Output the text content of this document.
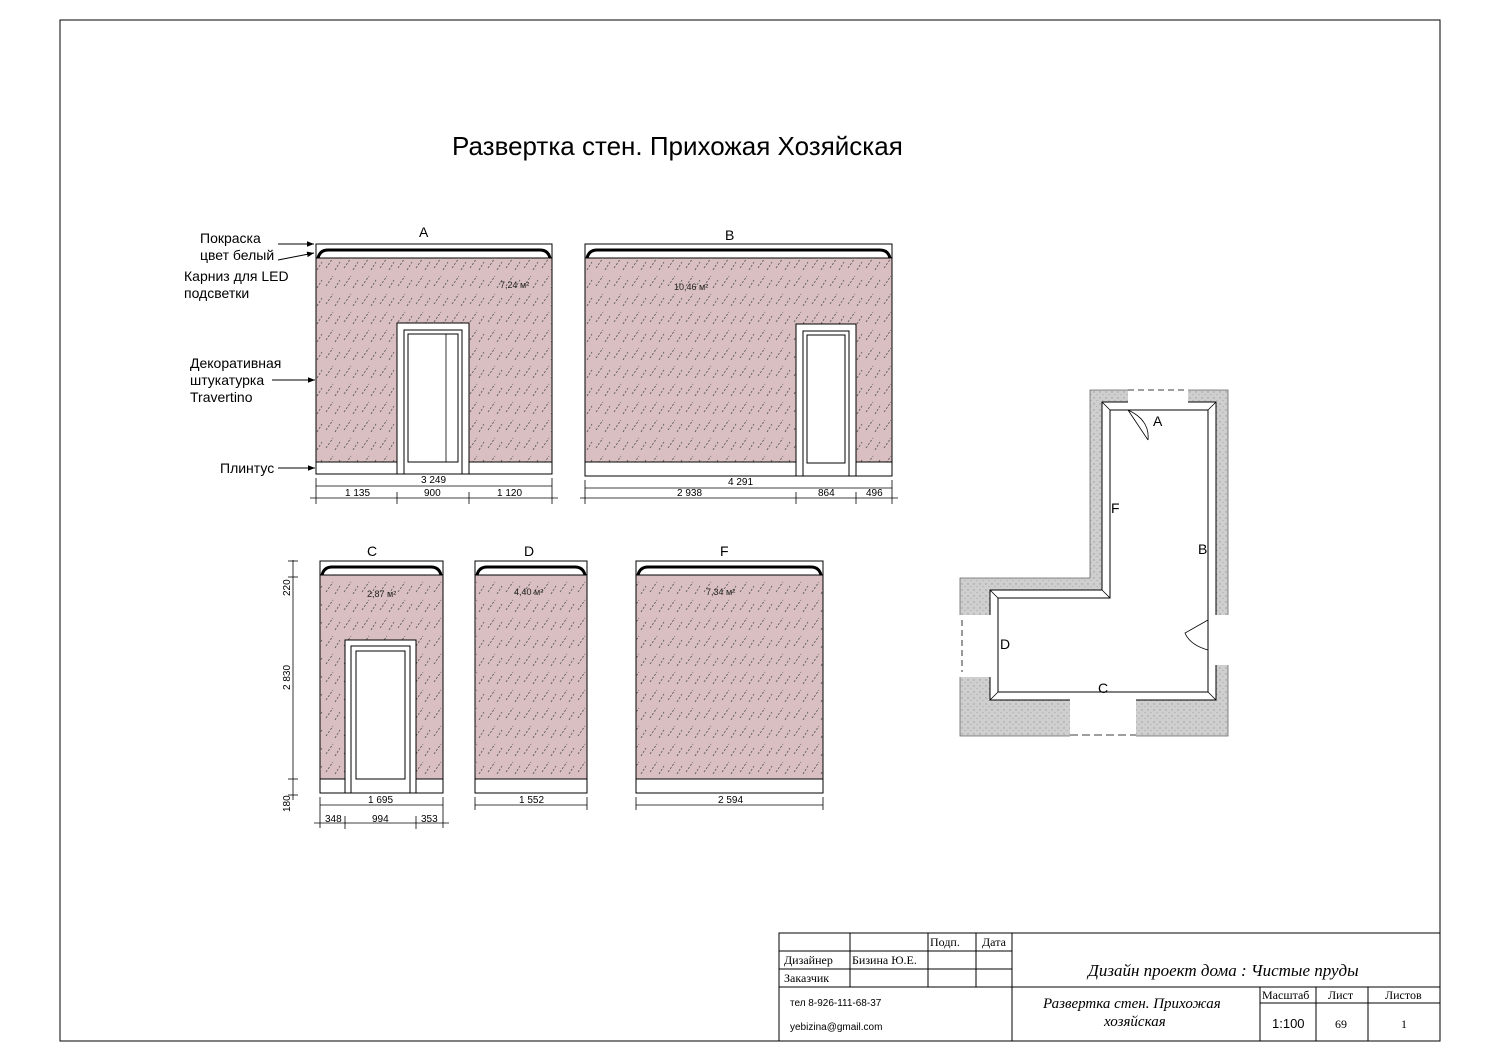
Развертка стен. Прихожая Хозяйская
Покраска
цвет белый
Карниз для LED
подсветки
Декоративная
штукатурка
Travertino
Плинтус
A
7,24 м²
3 249
1 135	900	1 120
B
10,46 м²
4 291
2 938	864	496
220
2 830
180
C
2,87 м²
1 695
348	994	353
D
4,40 м²
1 552
F
7,34 м²
2 594
A
B
C
D
F
Подп. Дата
Дизайнер Бизина Ю.Е.
Заказчик
тел 8-926-111-68-37
yebizina@gmail.com
Дизайн проект дома : Чистые пруды
Развертка стен. Прихожая
хозяйская
Масштаб Лист	Листов
1:100	69	1
